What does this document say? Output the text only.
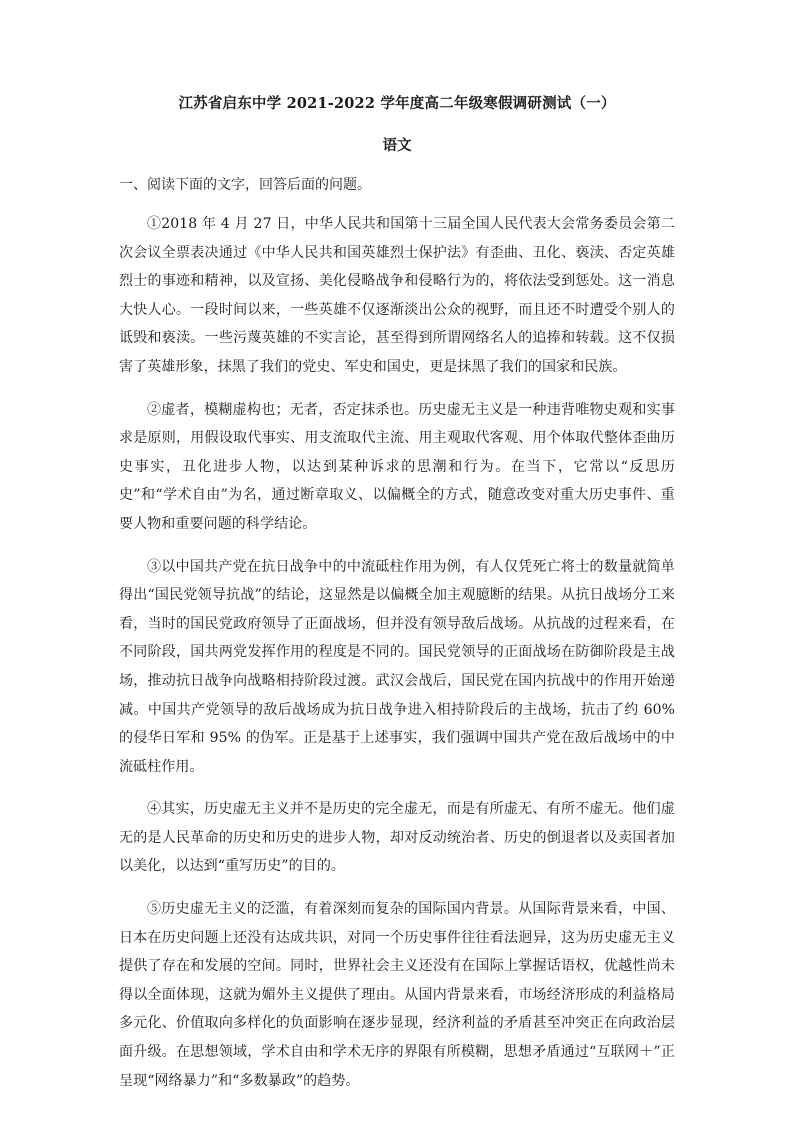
江苏省启东中学 2021-2022 学年度高二年级寒假调研测试（一）
语文
一、阅读下面的文字，回答后面的问题。
①2018 年 4 月 27 日，中华人民共和国第十三届全国人民代表大会常务委员会第二次会议全票表决通过《中华人民共和国英雄烈士保护法》有歪曲、丑化、亵渎、否定英雄烈士的事迹和精神，以及宣扬、美化侵略战争和侵略行为的，将依法受到惩处。这一消息大快人心。一段时间以来，一些英雄不仅逐渐淡出公众的视野，而且还不时遭受个别人的诋毁和亵渎。一些污蔑英雄的不实言论，甚至得到所谓网络名人的追捧和转载。这不仅损害了英雄形象，抹黑了我们的党史、军史和国史，更是抹黑了我们的国家和民族。
②虚者，模糊虚构也；无者，否定抹杀也。历史虚无主义是一种违背唯物史观和实事求是原则，用假设取代事实、用支流取代主流、用主观取代客观、用个体取代整体歪曲历史事实，丑化进步人物，以达到某种诉求的思潮和行为。在当下，它常以“反思历史”和“学术自由”为名，通过断章取义、以偏概全的方式，随意改变对重大历史事件、重要人物和重要问题的科学结论。
③以中国共产党在抗日战争中的中流砥柱作用为例，有人仅凭死亡将士的数量就简单得出“国民党领导抗战”的结论，这显然是以偏概全加主观臆断的结果。从抗日战场分工来看，当时的国民党政府领导了正面战场，但并没有领导敌后战场。从抗战的过程来看，在不同阶段，国共两党发挥作用的程度是不同的。国民党领导的正面战场在防御阶段是主战场，推动抗日战争向战略相持阶段过渡。武汉会战后，国民党在国内抗战中的作用开始递减。中国共产党领导的敌后战场成为抗日战争进入相持阶段后的主战场，抗击了约 60% 的侵华日军和 95% 的伪军。正是基于上述事实，我们强调中国共产党在敌后战场中的中流砥柱作用。
④其实，历史虚无主义并不是历史的完全虚无，而是有所虚无、有所不虚无。他们虚无的是人民革命的历史和历史的进步人物，却对反动统治者、历史的倒退者以及卖国者加以美化，以达到“重写历史”的目的。
⑤历史虚无主义的泛滥，有着深刻而复杂的国际国内背景。从国际背景来看，中国、日本在历史问题上还没有达成共识，对同一个历史事件往往看法迥异，这为历史虚无主义提供了存在和发展的空间。同时，世界社会主义还没有在国际上掌握话语权，优越性尚未得以全面体现，这就为媚外主义提供了理由。从国内背景来看，市场经济形成的利益格局多元化、价值取向多样化的负面影响在逐步显现，经济利益的矛盾甚至冲突正在向政治层面升级。在思想领域，学术自由和学术无序的界限有所模糊，思想矛盾通过“互联网＋”正呈现“网络暴力”和“多数暴政”的趋势。
